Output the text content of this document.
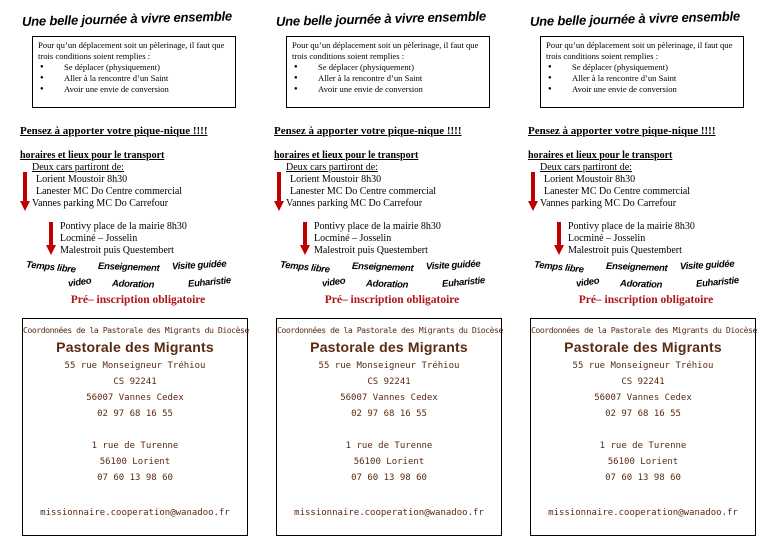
Une belle journée à vivre ensemble
Pour qu’un déplacement soit un pèlerinage, il faut que
trois conditions soient remplies :
● Se déplacer (physiquement)
● Aller à la rencontre d’un Saint
● Avoir une envie de conversion
Pensez à apporter votre pique-nique !!!!
horaires et lieux pour le transport
Deux cars partiront de:
Lorient Moustoir 8h30
Lanester MC Do Centre commercial
Vannes parking MC Do Carrefour
Pontivy place de la mairie 8h30
Locminé – Josselin
Malestroit puis Questembert
Temps libre Enseignement Visite guidée
video Adoration	Euharistie
Pré– inscription obligatoire
Coordonnées de la Pastorale des Migrants du Diocèse
Pastorale des Migrants
55 rue Monseigneur Tréhiou
CS 92241
56007 Vannes Cedex
02 97 68 16 55
1 rue de Turenne
56100 Lorient
07 60 13 98 60
missionnaire.cooperation@wanadoo.fr
Une belle journée à vivre ensemble
Pour qu’un déplacement soit un pèlerinage, il faut que
trois conditions soient remplies :
● Se déplacer (physiquement)
● Aller à la rencontre d’un Saint
● Avoir une envie de conversion
Pensez à apporter votre pique-nique !!!!
horaires et lieux pour le transport
Deux cars partiront de:
Lorient Moustoir 8h30
Lanester MC Do Centre commercial
Vannes parking MC Do Carrefour
Pontivy place de la mairie 8h30
Locminé – Josselin
Malestroit puis Questembert
Temps libre Enseignement Visite guidée
video Adoration	Euharistie
Pré– inscription obligatoire
Coordonnées de la Pastorale des Migrants du Diocèse
Pastorale des Migrants
55 rue Monseigneur Tréhiou
CS 92241
56007 Vannes Cedex
02 97 68 16 55
1 rue de Turenne
56100 Lorient
07 60 13 98 60
missionnaire.cooperation@wanadoo.fr
Une belle journée à vivre ensemble
Pour qu’un déplacement soit un pèlerinage, il faut que
trois conditions soient remplies :
● Se déplacer (physiquement)
● Aller à la rencontre d’un Saint
● Avoir une envie de conversion
Pensez à apporter votre pique-nique !!!!
horaires et lieux pour le transport
Deux cars partiront de:
Lorient Moustoir 8h30
Lanester MC Do Centre commercial
Vannes parking MC Do Carrefour
Pontivy place de la mairie 8h30
Locminé – Josselin
Malestroit puis Questembert
Temps libre Enseignement Visite guidée
video Adoration	Euharistie
Pré– inscription obligatoire
Coordonnées de la Pastorale des Migrants du Diocèse
Pastorale des Migrants
55 rue Monseigneur Tréhiou
CS 92241
56007 Vannes Cedex
02 97 68 16 55
1 rue de Turenne
56100 Lorient
07 60 13 98 60
missionnaire.cooperation@wanadoo.fr
